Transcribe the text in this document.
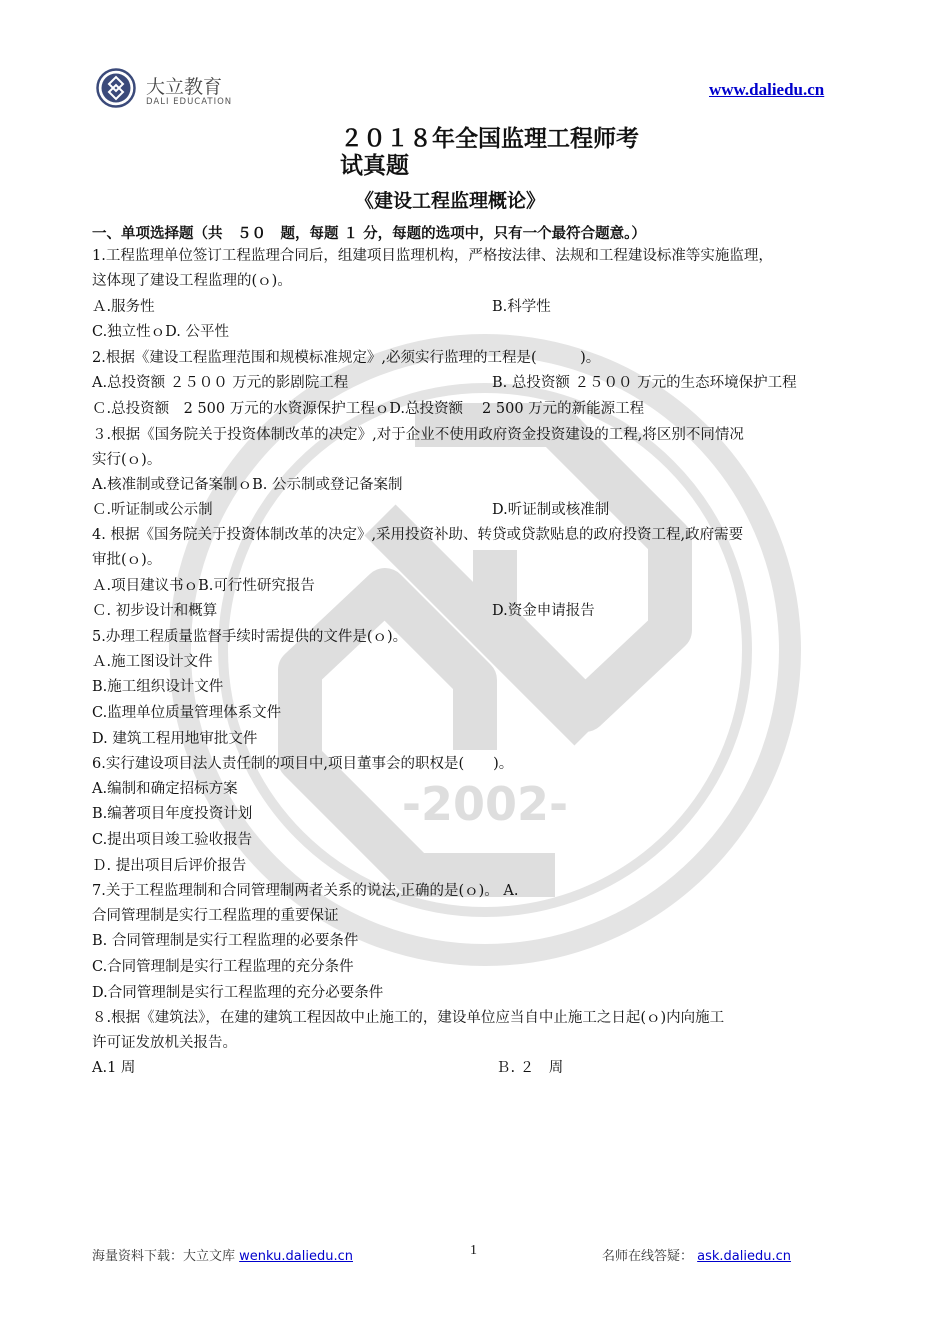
-2002-
大立教育
DALI EDUCATION
www.daliedu.cn
２０１８年全国监理工程师考
试真题
《建设工程监理概论》
一、单项选择题（共　５０　题，每题 １ 分，每题的选项中，只有一个最符合题意。）
1.工程监理单位签订工程监理合同后，组建项目监理机构，严格按法律、法规和工程建设标准等实施监理，
这体现了建设工程监理的(ｏ)。
Ａ.服务性	B.科学性
C.独立性ｏD. 公平性
2.根据《建设工程监理范围和规模标准规定》,必须实行监理的工程是(　　　)。
A.总投资额 ２５００ 万元的影剧院工程	B. 总投资额 ２５００ 万元的生态环境保护工程
Ｃ.总投资额　2 500 万元的水资源保护工程ｏD.总投资额　 2 500 万元的新能源工程
３.根据《国务院关于投资体制改革的决定》,对于企业不使用政府资金投资建设的工程,将区别不同情况
实行(ｏ)。
A.核准制或登记备案制ｏB. 公示制或登记备案制
Ｃ.听证制或公示制	D.听证制或核准制
4. 根据《国务院关于投资体制改革的决定》,采用投资补助、转贷或贷款贴息的政府投资工程,政府需要
审批(ｏ)。
Ａ.项目建议书ｏB.可行性研究报告
Ｃ. 初步设计和概算	D.资金申请报告
5.办理工程质量监督手续时需提供的文件是(ｏ)。
Ａ.施工图设计文件
B.施工组织设计文件
C.监理单位质量管理体系文件
D. 建筑工程用地审批文件
6.实行建设项目法人责任制的项目中,项目董事会的职权是(　　)。
A.编制和确定招标方案
B.编著项目年度投资计划
C.提出项目竣工验收报告
Ｄ. 提出项目后评价报告
7.关于工程监理制和合同管理制两者关系的说法,正确的是(ｏ)。 A.
合同管理制是实行工程监理的重要保证
B. 合同管理制是实行工程监理的必要条件
C.合同管理制是实行工程监理的充分条件
D.合同管理制是实行工程监理的充分必要条件
８.根据《建筑法》，在建的建筑工程因故中止施工的，建设单位应当自中止施工之日起(ｏ)内向施工
许可证发放机关报告。
A.1 周	Ｂ. ２　周
海量资料下载：大立文库 wenku.daliedu.cn	1	名师在线答疑： ask.daliedu.cn
